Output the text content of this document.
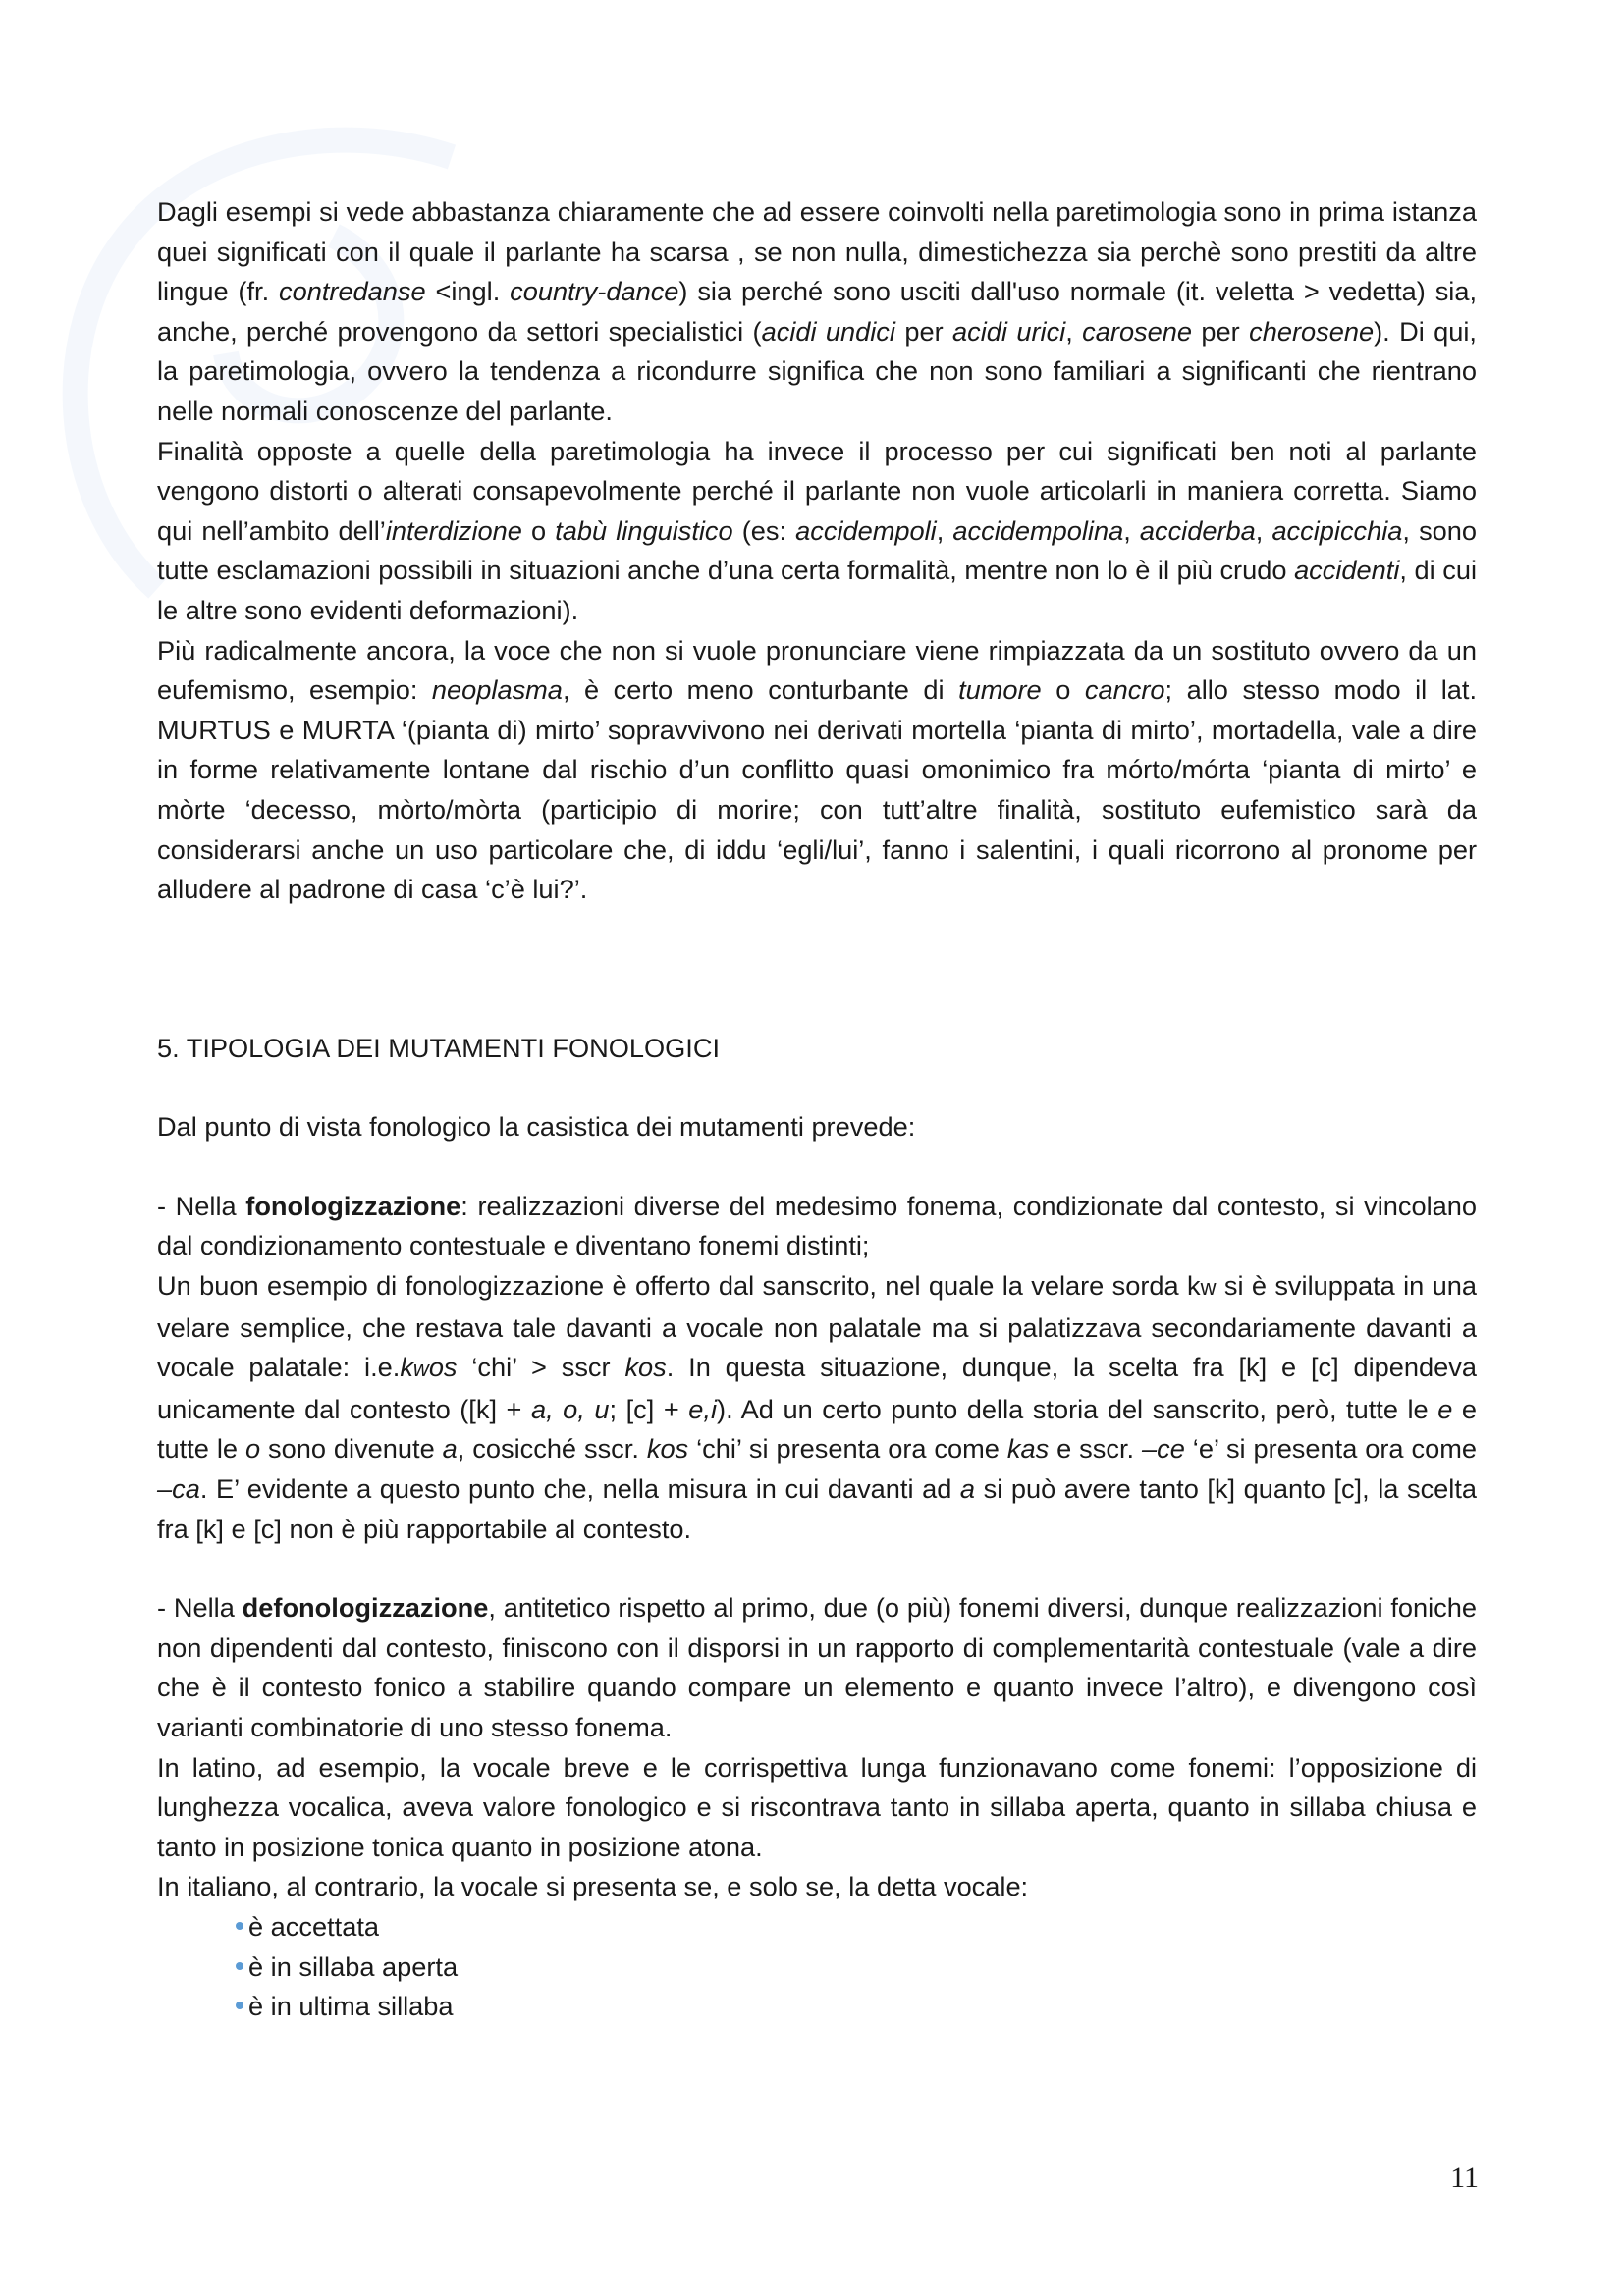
Dagli esempi si vede abbastanza chiaramente che ad essere coinvolti nella paretimologia sono in prima istanza quei significati con il quale il parlante ha scarsa , se non nulla, dimestichezza sia perchè sono prestiti da altre lingue (fr. contredanse <ingl. country-dance) sia perché sono usciti dall'uso normale (it. veletta > vedetta) sia, anche, perché provengono da settori specialistici (acidi undici per acidi urici, carosene per cherosene). Di qui, la paretimologia, ovvero la tendenza a ricondurre significa che non sono familiari a significanti che rientrano nelle normali conoscenze del parlante.

Finalità opposte a quelle della paretimologia ha invece il processo per cui significati ben noti al parlante vengono distorti o alterati consapevolmente perché il parlante non vuole articolarli in maniera corretta. Siamo qui nell’ambito dell’interdizione o tabù linguistico (es: accidempoli, accidempolina, acciderba, accipicchia, sono tutte esclamazioni possibili in situazioni anche d’una certa formalità, mentre non lo è il più crudo accidenti, di cui le altre sono evidenti deformazioni).

Più radicalmente ancora, la voce che non si vuole pronunciare viene rimpiazzata da un sostituto ovvero da un eufemismo, esempio: neoplasma, è certo meno conturbante di tumore o cancro; allo stesso modo il lat. MURTUS e MURTA ‘(pianta di) mirto’ sopravvivono nei derivati mortella ‘pianta di mirto’, mortadella, vale a dire in forme relativamente lontane dal rischio d’un conflitto quasi omonimico fra mórto/mórta ‘pianta di mirto’ e mòrte ‘decesso, mòrto/mòrta (participio di morire; con tutt’altre finalità, sostituto eufemistico sarà da considerarsi anche un uso particolare che, di iddu ‘egli/lui’, fanno i salentini, i quali ricorrono al pronome per alludere al padrone di casa ‘c’è lui?’.

5. TIPOLOGIA DEI MUTAMENTI FONOLOGICI

Dal punto di vista fonologico la casistica dei mutamenti prevede:

- Nella fonologizzazione: realizzazioni diverse del medesimo fonema, condizionate dal contesto, si vincolano dal condizionamento contestuale e diventano fonemi distinti;

Un buon esempio di fonologizzazione è offerto dal sanscrito, nel quale la velare sorda kw si è sviluppata in una velare semplice, che restava tale davanti a vocale non palatale ma si palatizzava secondariamente davanti a vocale palatale: i.e.kwos ‘chi’ > sscr kos. In questa situazione, dunque, la scelta fra [k] e [c] dipendeva unicamente dal contesto ([k] + a, o, u; [c] + e,i). Ad un certo punto della storia del sanscrito, però, tutte le e e tutte le o sono divenute a, cosicché sscr. kos ‘chi’ si presenta ora come kas e sscr. –ce ‘e’ si presenta ora come –ca. E’ evidente a questo punto che, nella misura in cui davanti ad a si può avere tanto [k] quanto [c], la scelta fra [k] e [c] non è più rapportabile al contesto.

- Nella defonologizzazione, antitetico rispetto al primo, due (o più) fonemi diversi, dunque realizzazioni foniche non dipendenti dal contesto, finiscono con il disporsi in un rapporto di complementarità contestuale (vale a dire che è il contesto fonico a stabilire quando compare un elemento e quanto invece l’altro), e divengono così varianti combinatorie di uno stesso fonema.

In latino, ad esempio, la vocale breve e le corrispettiva lunga funzionavano come fonemi: l’opposizione di lunghezza vocalica, aveva valore fonologico e si riscontrava tanto in sillaba aperta, quanto in sillaba chiusa e tanto in posizione tonica quanto in posizione atona.

In italiano, al contrario, la vocale si presenta se, e solo se, la detta vocale:

è accettata
è in sillaba aperta
è in ultima sillaba
11
